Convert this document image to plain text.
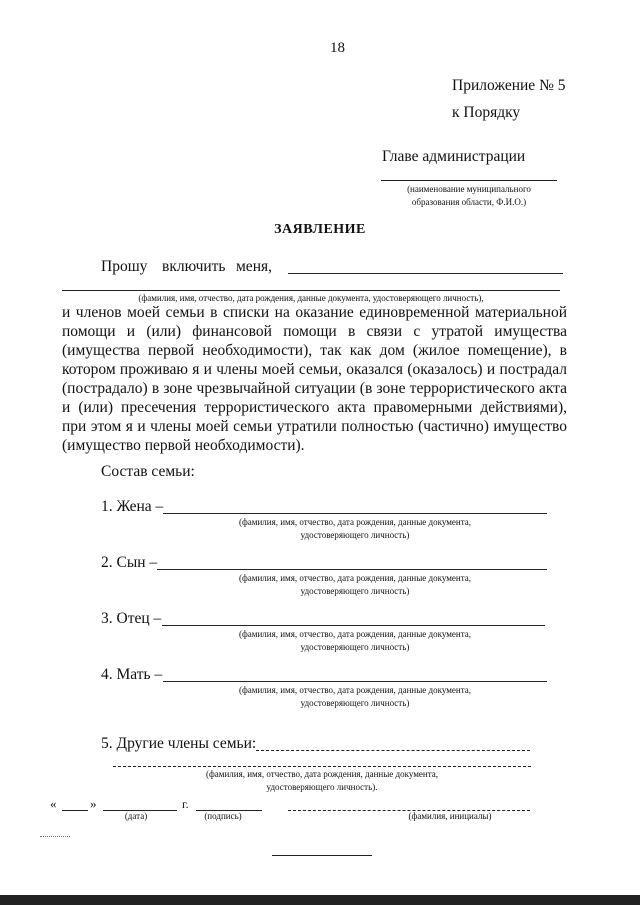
18
Приложение № 5
к Порядку
Главе администрации
(наименование муниципального
образования области, Ф.И.О.)
ЗАЯВЛЕНИЕ
Прошу включить меня,
(фамилия, имя, отчество, дата рождения, данные документа, удостоверяющего личность),
и членов моей семьи в списки на оказание единовременной материальной помощи и (или) финансовой помощи в связи с утратой имущества (имущества первой необходимости), так как дом (жилое помещение), в котором проживаю я и члены моей семьи, оказался (оказалось) и пострадал (пострадало) в зоне чрезвычайной ситуации (в зоне террористического акта и (или) пресечения террористического акта правомерными действиями), при этом я и члены моей семьи утратили полностью (частично) имущество (имущество первой необходимости).
Состав семьи:
1. Жена –
(фамилия, имя, отчество, дата рождения, данные документа,
удостоверяющего личность)
2. Сын –
(фамилия, имя, отчество, дата рождения, данные документа,
удостоверяющего личность)
3. Отец –
(фамилия, имя, отчество, дата рождения, данные документа,
удостоверяющего личность)
4. Мать –
(фамилия, имя, отчество, дата рождения, данные документа,
удостоверяющего личность)
5. Другие члены семьи:
(фамилия, имя, отчество, дата рождения, данные документа,
удостоверяющего личность).
«	»	г.
(дата)	(подпись)	(фамилия, инициалы)
